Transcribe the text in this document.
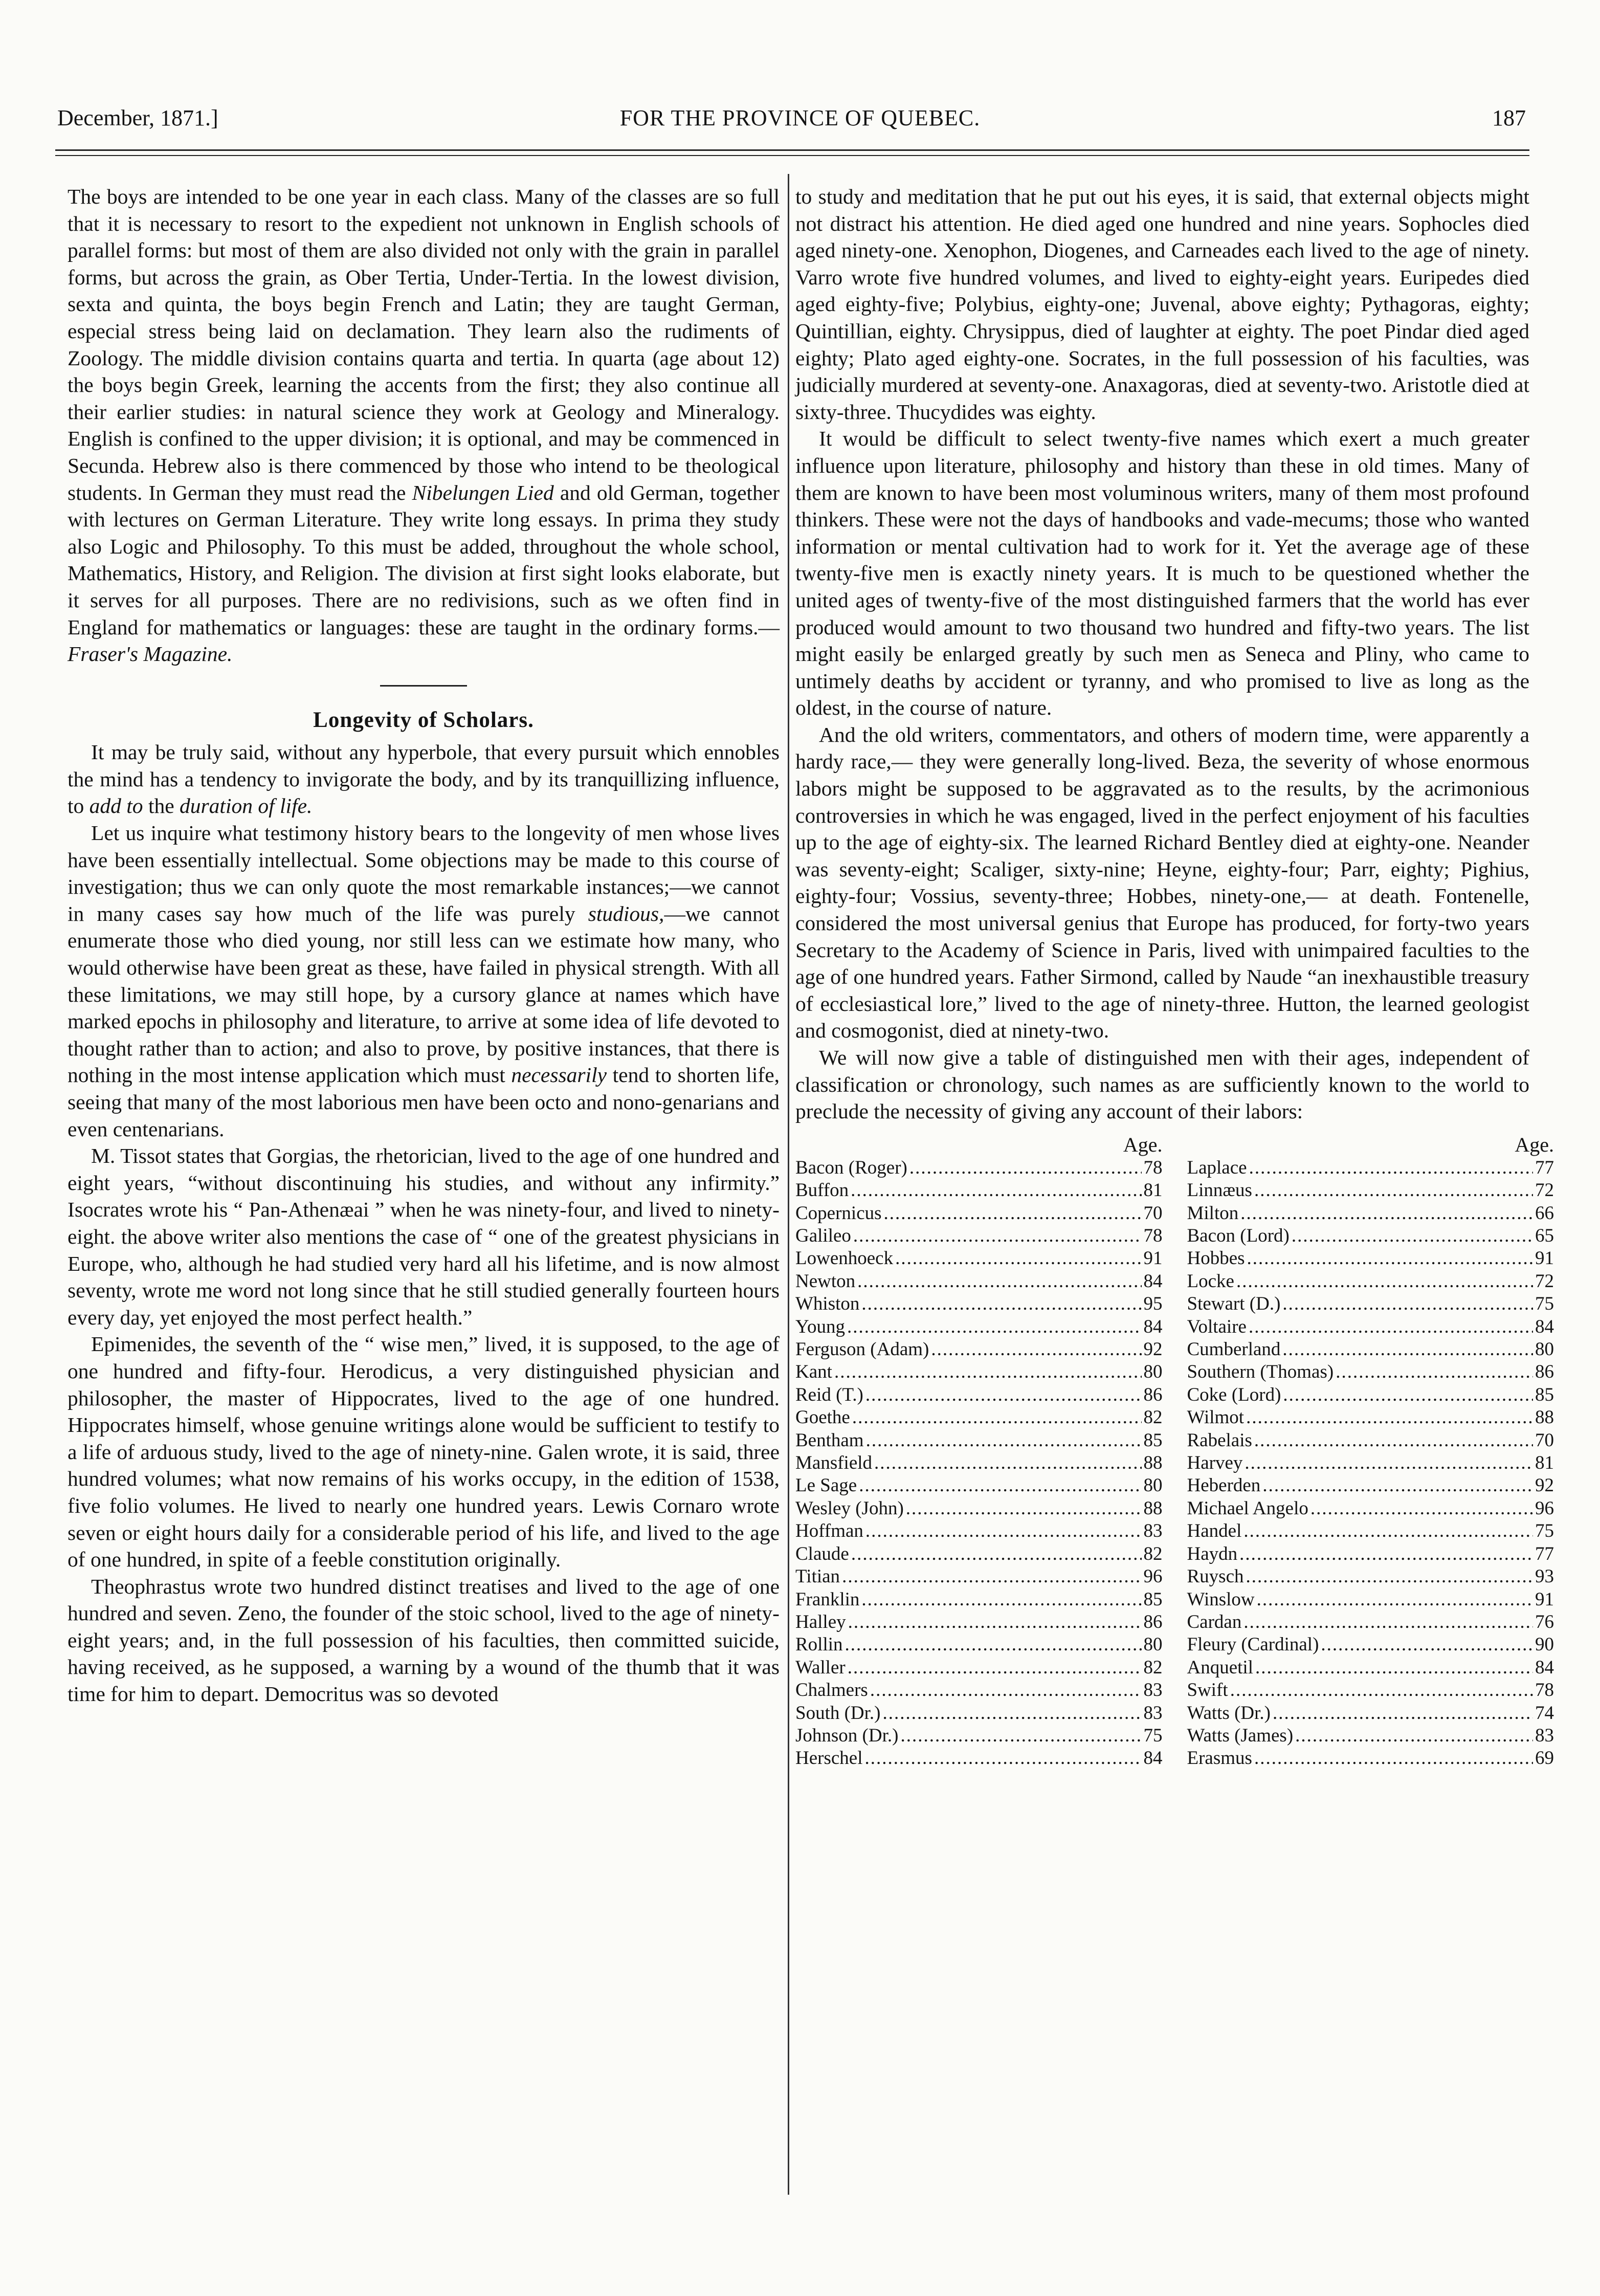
December, 1871.]	FOR THE PROVINCE OF QUEBEC.	187

The boys are intended to be one year in each class. Many of the classes are so full that it is necessary to resort to the expedient not unknown in English schools of parallel forms: but most of them are also divided not only with the grain in parallel forms, but across the grain, as Ober Tertia, Under-Tertia. In the lowest division, sexta and quinta, the boys begin French and Latin; they are taught German, especial stress being laid on declamation. They learn also the rudiments of Zoology. The middle division contains quarta and tertia. In quarta (age about 12) the boys begin Greek, learning the accents from the first; they also continue all their earlier studies: in natural science they work at Geology and Mineralogy. English is confined to the upper division; it is optional, and may be commenced in Secunda. Hebrew also is there commenced by those who intend to be theological students. In German they must read the Nibelungen Lied and old German, together with lectures on German Literature. They write long essays. In prima they study also Logic and Philosophy. To this must be added, throughout the whole school, Mathematics, History, and Religion. The division at first sight looks elaborate, but it serves for all purposes. There are no redivisions, such as we often find in England for mathematics or languages: these are taught in the ordinary forms.—Fraser's Magazine.

Longevity of Scholars.

It may be truly said, without any hyperbole, that every pursuit which ennobles the mind has a tendency to invigorate the body, and by its tranquillizing influence, to add to the duration of life.

Let us inquire what testimony history bears to the longevity of men whose lives have been essentially intellectual. Some objections may be made to this course of investigation; thus we can only quote the most remarkable instances;—we cannot in many cases say how much of the life was purely studious,—we cannot enumerate those who died young, nor still less can we estimate how many, who would otherwise have been great as these, have failed in physical strength. With all these limitations, we may still hope, by a cursory glance at names which have marked epochs in philosophy and literature, to arrive at some idea of life devoted to thought rather than to action; and also to prove, by positive instances, that there is nothing in the most intense application which must necessarily tend to shorten life, seeing that many of the most laborious men have been octo and nono-genarians and even centenarians.

M. Tissot states that Gorgias, the rhetorician, lived to the age of one hundred and eight years, “without discontinuing his studies, and without any infirmity.” Isocrates wrote his “ Pan-Athenæai ” when he was ninety-four, and lived to ninety-eight. the above writer also mentions the case of “ one of the greatest physicians in Europe, who, although he had studied very hard all his lifetime, and is now almost seventy, wrote me word not long since that he still studied generally fourteen hours every day, yet enjoyed the most perfect health.”

Epimenides, the seventh of the “ wise men,” lived, it is supposed, to the age of one hundred and fifty-four. Herodicus, a very distinguished physician and philosopher, the master of Hippocrates, lived to the age of one hundred. Hippocrates himself, whose genuine writings alone would be sufficient to testify to a life of arduous study, lived to the age of ninety-nine. Galen wrote, it is said, three hundred volumes; what now remains of his works occupy, in the edition of 1538, five folio volumes. He lived to nearly one hundred years. Lewis Cornaro wrote seven or eight hours daily for a considerable period of his life, and lived to the age of one hundred, in spite of a feeble constitution originally.

Theophrastus wrote two hundred distinct treatises and lived to the age of one hundred and seven. Zeno, the founder of the stoic school, lived to the age of ninety-eight years; and, in the full possession of his faculties, then committed suicide, having received, as he supposed, a warning by a wound of the thumb that it was time for him to depart. Democritus was so devoted

to study and meditation that he put out his eyes, it is said, that external objects might not distract his attention. He died aged one hundred and nine years. Sophocles died aged ninety-one. Xenophon, Diogenes, and Carneades each lived to the age of ninety. Varro wrote five hundred volumes, and lived to eighty-eight years. Euripedes died aged eighty-five; Polybius, eighty-one; Juvenal, above eighty; Pythagoras, eighty; Quintillian, eighty. Chrysippus, died of laughter at eighty. The poet Pindar died aged eighty; Plato aged eighty-one. Socrates, in the full possession of his faculties, was judicially murdered at seventy-one. Anaxagoras, died at seventy-two. Aristotle died at sixty-three. Thucydides was eighty.

It would be difficult to select twenty-five names which exert a much greater influence upon literature, philosophy and history than these in old times. Many of them are known to have been most voluminous writers, many of them most profound thinkers. These were not the days of handbooks and vade-mecums; those who wanted information or mental cultivation had to work for it. Yet the average age of these twenty-five men is exactly ninety years. It is much to be questioned whether the united ages of twenty-five of the most distinguished farmers that the world has ever produced would amount to two thousand two hundred and fifty-two years. The list might easily be enlarged greatly by such men as Seneca and Pliny, who came to untimely deaths by accident or tyranny, and who promised to live as long as the oldest, in the course of nature.

And the old writers, commentators, and others of modern time, were apparently a hardy race,— they were generally long-lived. Beza, the severity of whose enormous labors might be supposed to be aggravated as to the results, by the acrimonious controversies in which he was engaged, lived in the perfect enjoyment of his faculties up to the age of eighty-six. The learned Richard Bentley died at eighty-one. Neander was seventy-eight; Scaliger, sixty-nine; Heyne, eighty-four; Parr, eighty; Pighius, eighty-four; Vossius, seventy-three; Hobbes, ninety-one,— at death. Fontenelle, considered the most universal genius that Europe has produced, for forty-two years Secretary to the Academy of Science in Paris, lived with unimpaired faculties to the age of one hundred years. Father Sirmond, called by Naude “an inexhaustible treasury of ecclesiastical lore,” lived to the age of ninety-three. Hutton, the learned geologist and cosmogonist, died at ninety-two.

We will now give a table of distinguished men with their ages, independent of classification or chronology, such names as are sufficiently known to the world to preclude the necessity of giving any account of their labors:

Age.
Bacon (Roger) .....	78
Buffon .....	81
Copernicus .....	70
Galileo .....	78
Lowenhoeck .....	91
Newton .....	84
Whiston .....	95
Young .....	84
Ferguson (Adam) .....	92
Kant .....	80
Reid (T.) .....	86
Goethe .....	82
Bentham .....	85
Mansfield .....	88
Le Sage .....	80
Wesley (John) .....	88
Hoffman .....	83
Claude .....	82
Titian .....	96
Franklin .....	85
Halley .....	86
Rollin .....	80
Waller .....	82
Chalmers .....	83
South (Dr.) .....	83
Johnson (Dr.) .....	75
Herschel .....	84
Age.
Laplace .....	77
Linnæus .....	72
Milton .....	66
Bacon (Lord) .....	65
Hobbes .....	91
Locke .....	72
Stewart (D.) .....	75
Voltaire .....	84
Cumberland .....	80
Southern (Thomas) .....	86
Coke (Lord) .....	85
Wilmot .....	88
Rabelais .....	70
Harvey .....	81
Heberden .....	92
Michael Angelo .....	96
Handel .....	75
Haydn .....	77
Ruysch .....	93
Winslow .....	91
Cardan .....	76
Fleury (Cardinal) .....	90
Anquetil .....	84
Swift .....	78
Watts (Dr.) .....	74
Watts (James) .....	83
Erasmus .....	69
